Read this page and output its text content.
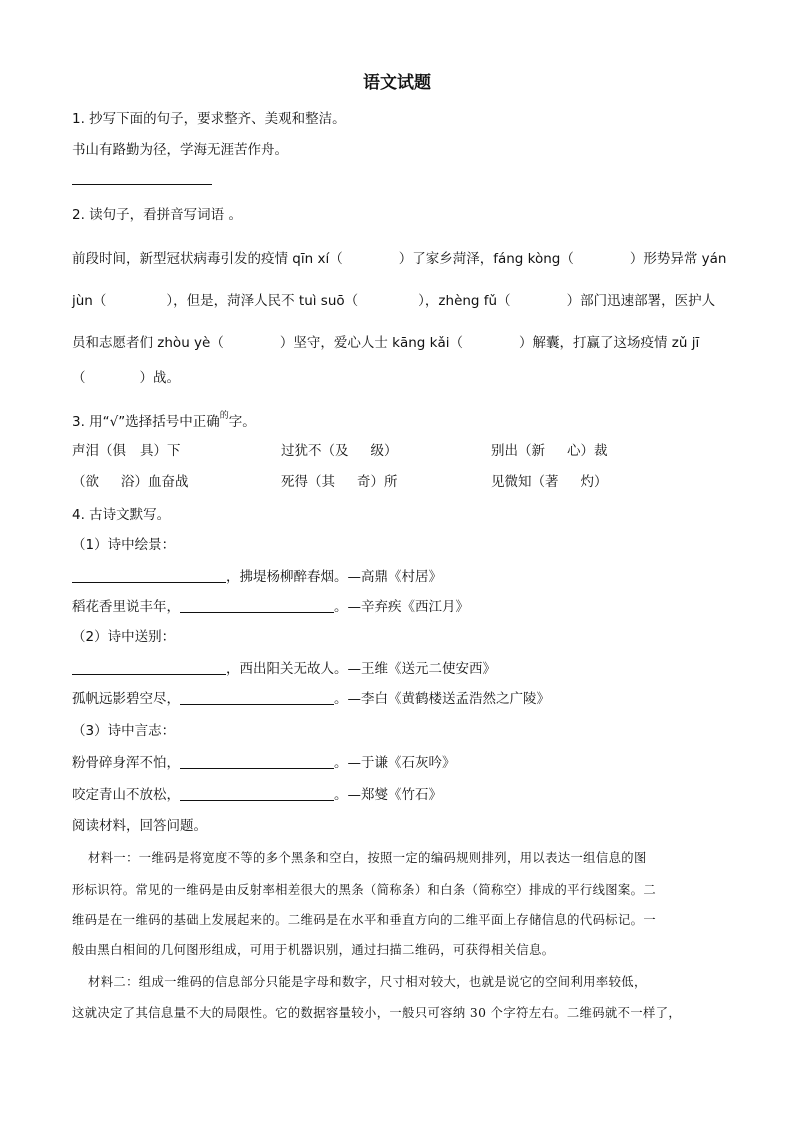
语文试题
1. 抄写下面的句子，要求整齐、美观和整洁。
书山有路勤为径，学海无涯苦作舟。
2. 读句子，看拼音写词语 。
前段时间，新型冠状病毒引发的疫情 qīn xí（	）了家乡菏泽，fáng kòng（	）形势异常 yán
jùn（	），但是，菏泽人民不 tuì suō（	），zhèng fǔ（	）部门迅速部署，医护人
员和志愿者们 zhòu yè（	）坚守，爱心人士 kāng kǎi（	）解囊，打赢了这场疫情 zǔ jī
（	）战。
3. 用“√”选择括号中正确$^的$字。
声泪（俱 具）下	过犹不（及 级）	别出（新 心）裁
（欲 浴）血奋战	死得（其 奇）所	见微知（著 灼）
4. 古诗文默写。
（1）诗中绘景：
，拂堤杨柳醉春烟。—高鼎《村居》
稻花香里说丰年，	。—辛弃疾《西江月》
（2）诗中送别：
，西出阳关无故人。—王维《送元二使安西》
孤帆远影碧空尽，	。—李白《黄鹤楼送孟浩然之广陵》
（3）诗中言志：
粉骨碎身浑不怕，	。—于谦《石灰吟》
咬定青山不放松，	。—郑燮《竹石》
阅读材料，回答问题。
材料一：一维码是将宽度不等的多个黑条和空白，按照一定的编码规则排列，用以表达一组信息的图
形标识符。常见的一维码是由反射率相差很大的黑条（简称条）和白条（简称空）排成的平行线图案。二
维码是在一维码的基础上发展起来的。二维码是在水平和垂直方向的二维平面上存储信息的代码标记。一
般由黑白相间的几何图形组成，可用于机器识别，通过扫描二维码，可获得相关信息。
材料二：组成一维码的信息部分只能是字母和数字，尺寸相对较大，也就是说它的空间利用率较低，
这就决定了其信息量不大的局限性。它的数据容量较小，一般只可容纳 30 个字符左右。二维码就不一样了，
